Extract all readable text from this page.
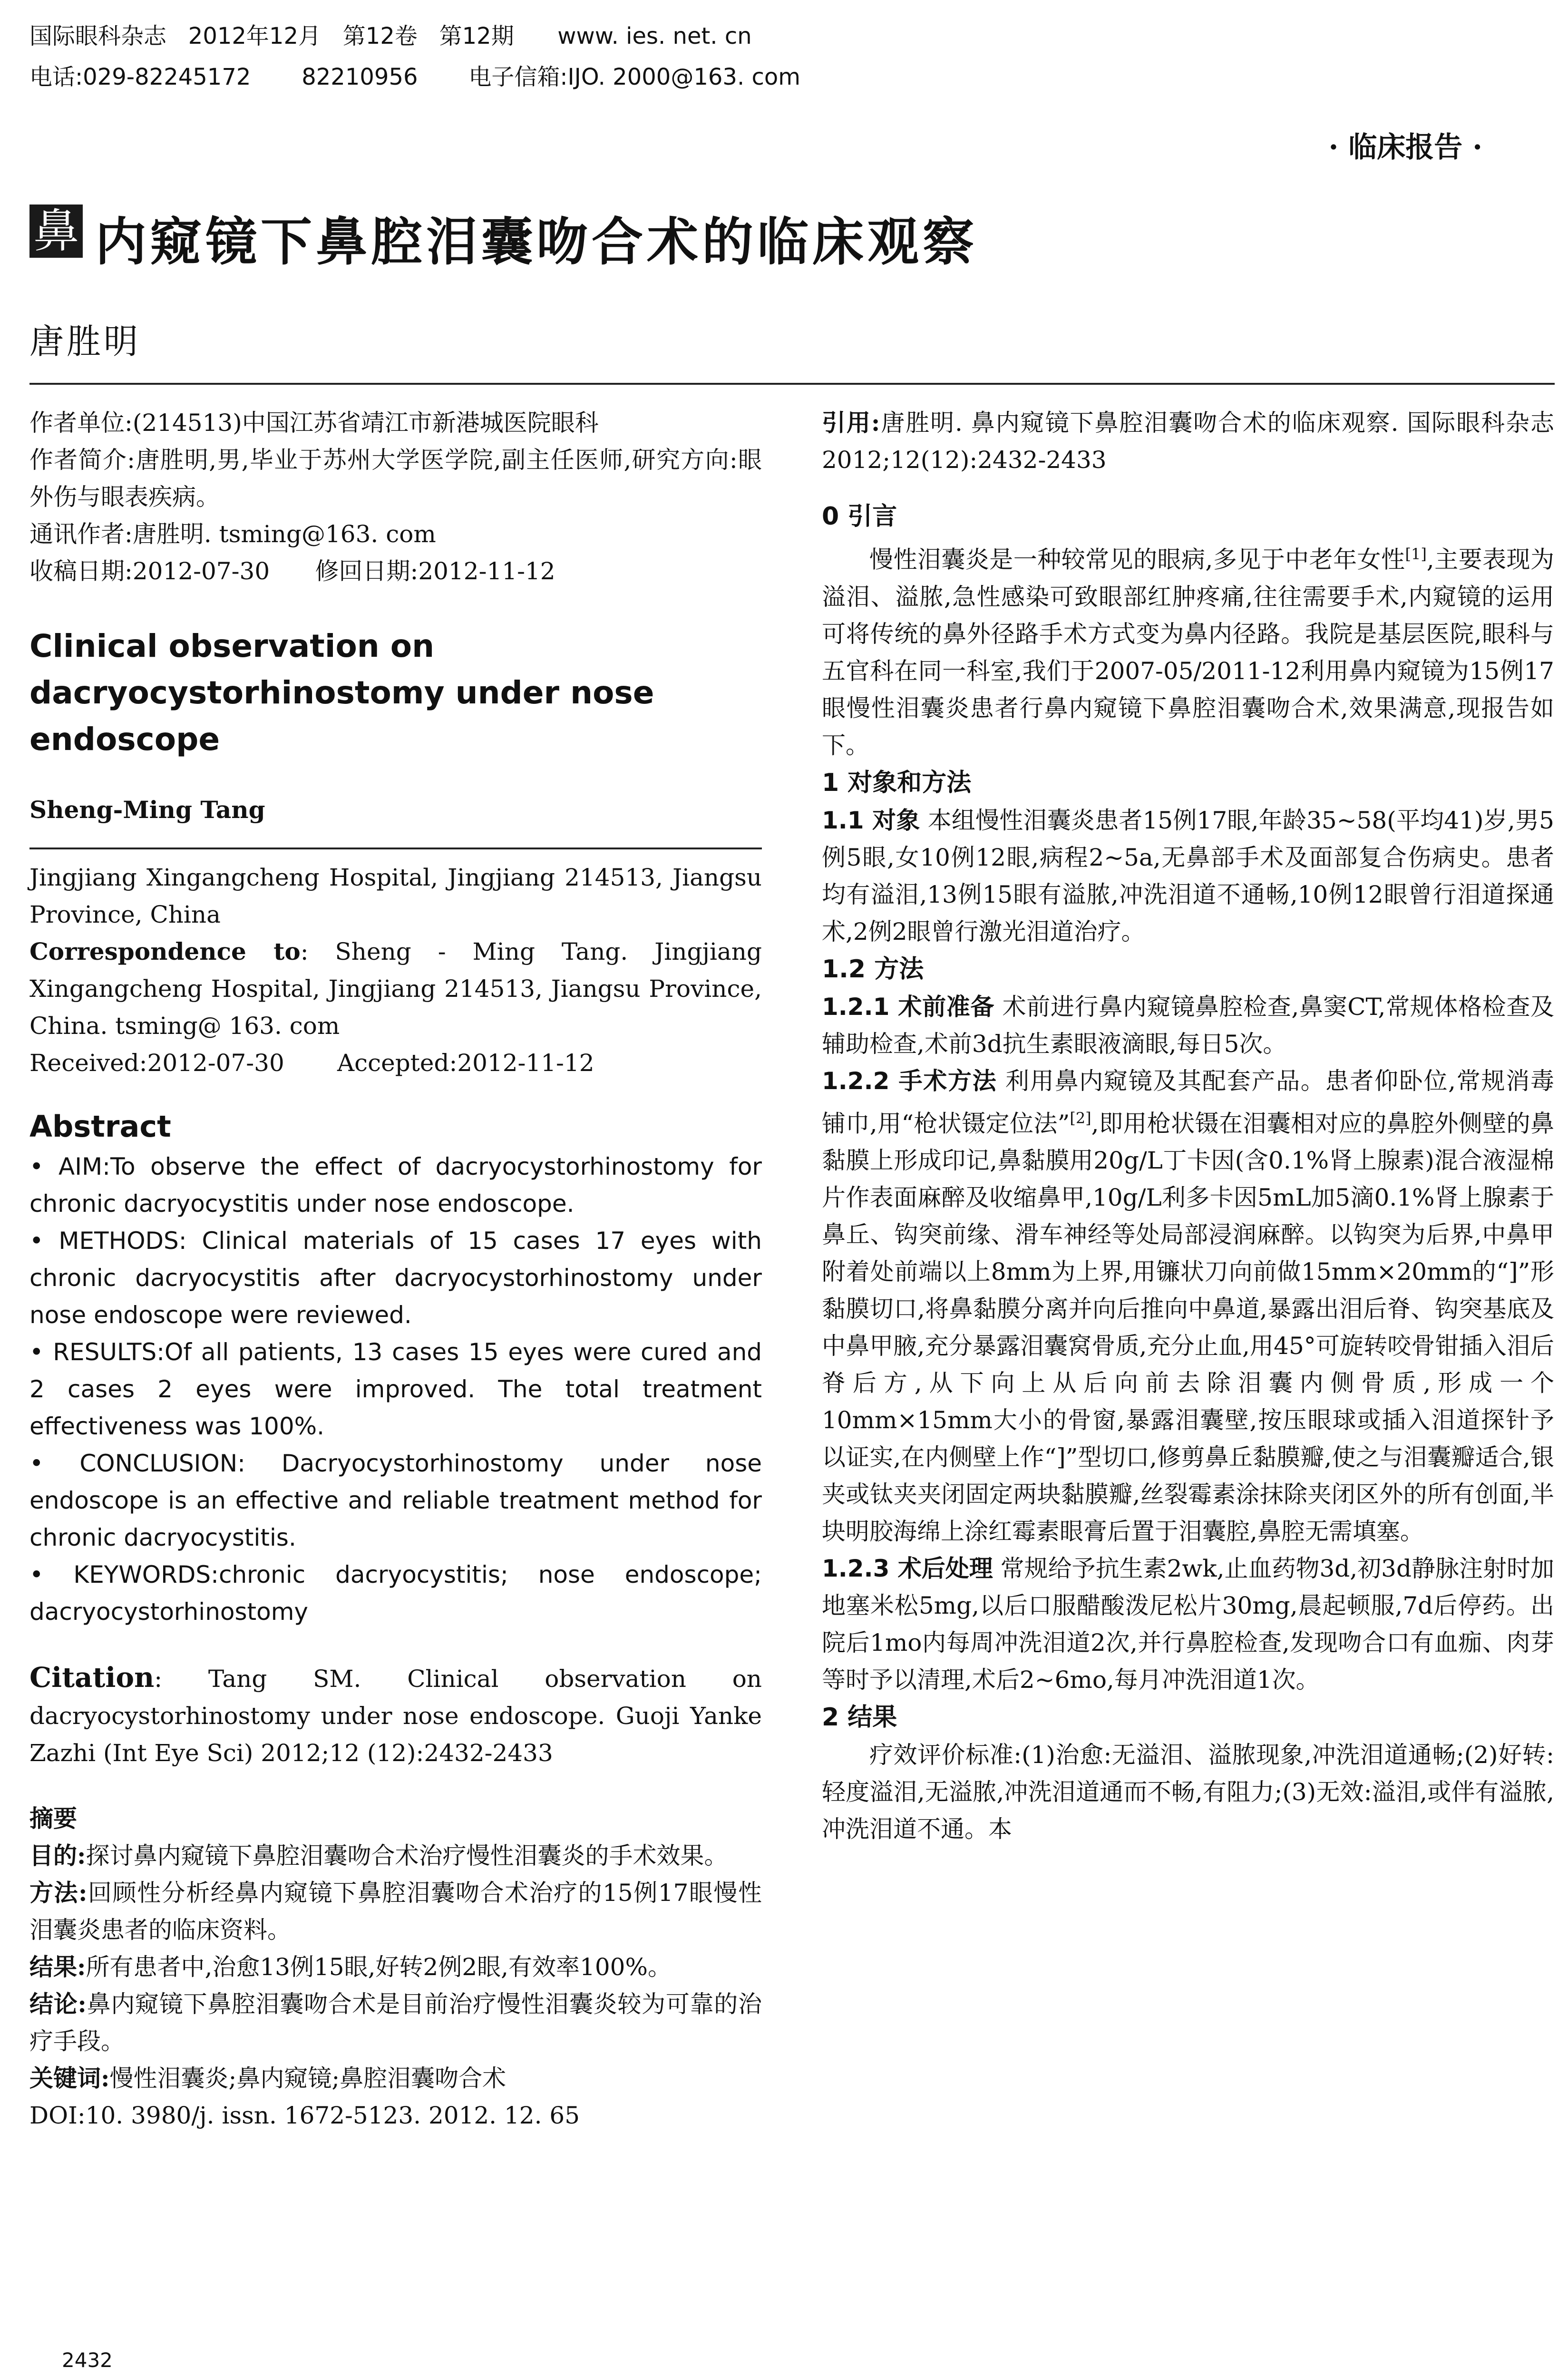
国际眼科杂志   2012年12月   第12卷   第12期      www. ies. net. cn
电话:029-82245172       82210956       电子信箱:IJO. 2000@163. com
· 临床报告 ·
鼻 内窥镜下鼻腔泪囊吻合术的临床观察
唐胜明

作者单位:(214513)中国江苏省靖江市新港城医院眼科

作者简介:唐胜明,男,毕业于苏州大学医学院,副主任医师,研究方向:眼外伤与眼表疾病。

通讯作者:唐胜明. tsming@163. com

收稿日期:2012-07-30      修回日期:2012-11-12

Clinical observation on dacryocystorhinostomy under nose endoscope

Sheng-Ming Tang

Jingjiang Xingangcheng Hospital, Jingjiang 214513, Jiangsu Province, China

Correspondence to: Sheng - Ming Tang. Jingjiang Xingangcheng Hospital, Jingjiang 214513, Jiangsu Province, China. tsming@ 163. com

Received:2012-07-30       Accepted:2012-11-12

Abstract

• AIM:To observe the effect of dacryocystorhinostomy for chronic dacryocystitis under nose endoscope.

• METHODS: Clinical materials of 15 cases 17 eyes with chronic dacryocystitis after dacryocystorhinostomy under nose endoscope were reviewed.

• RESULTS:Of all patients, 13 cases 15 eyes were cured and 2 cases 2 eyes were improved. The total treatment effectiveness was 100%.

• CONCLUSION: Dacryocystorhinostomy under nose endoscope is an effective and reliable treatment method for chronic dacryocystitis.

• KEYWORDS:chronic dacryocystitis; nose endoscope; dacryocystorhinostomy

Citation: Tang SM. Clinical observation on dacryocystorhinostomy under nose endoscope. Guoji Yanke Zazhi (Int Eye Sci) 2012;12 (12):2432-2433

摘要

目的:探讨鼻内窥镜下鼻腔泪囊吻合术治疗慢性泪囊炎的手术效果。

方法:回顾性分析经鼻内窥镜下鼻腔泪囊吻合术治疗的15例17眼慢性泪囊炎患者的临床资料。

结果:所有患者中,治愈13例15眼,好转2例2眼,有效率100%。

结论:鼻内窥镜下鼻腔泪囊吻合术是目前治疗慢性泪囊炎较为可靠的治疗手段。

关键词:慢性泪囊炎;鼻内窥镜;鼻腔泪囊吻合术

DOI:10. 3980/j. issn. 1672-5123. 2012. 12. 65

引用:唐胜明. 鼻内窥镜下鼻腔泪囊吻合术的临床观察. 国际眼科杂志 2012;12(12):2432-2433

0 引言

慢性泪囊炎是一种较常见的眼病,多见于中老年女性[1],主要表现为溢泪、溢脓,急性感染可致眼部红肿疼痛,往往需要手术,内窥镜的运用可将传统的鼻外径路手术方式变为鼻内径路。我院是基层医院,眼科与五官科在同一科室,我们于2007-05/2011-12利用鼻内窥镜为15例17眼慢性泪囊炎患者行鼻内窥镜下鼻腔泪囊吻合术,效果满意,现报告如下。

1 对象和方法

1.1 对象 本组慢性泪囊炎患者15例17眼,年龄35~58(平均41)岁,男5例5眼,女10例12眼,病程2~5a,无鼻部手术及面部复合伤病史。患者均有溢泪,13例15眼有溢脓,冲洗泪道不通畅,10例12眼曾行泪道探通术,2例2眼曾行激光泪道治疗。

1.2 方法

1.2.1 术前准备 术前进行鼻内窥镜鼻腔检查,鼻窦CT,常规体格检查及辅助检查,术前3d抗生素眼液滴眼,每日5次。

1.2.2 手术方法 利用鼻内窥镜及其配套产品。患者仰卧位,常规消毒铺巾,用“枪状镊定位法”[2],即用枪状镊在泪囊相对应的鼻腔外侧壁的鼻黏膜上形成印记,鼻黏膜用20g/L丁卡因(含0.1%肾上腺素)混合液湿棉片作表面麻醉及收缩鼻甲,10g/L利多卡因5mL加5滴0.1%肾上腺素于鼻丘、钩突前缘、滑车神经等处局部浸润麻醉。以钩突为后界,中鼻甲附着处前端以上8mm为上界,用镰状刀向前做15mm×20mm的“]”形黏膜切口,将鼻黏膜分离并向后推向中鼻道,暴露出泪后脊、钩突基底及中鼻甲腋,充分暴露泪囊窝骨质,充分止血,用45°可旋转咬骨钳插入泪后脊后方,从下向上从后向前去除泪囊内侧骨质,形成一个10mm×15mm大小的骨窗,暴露泪囊壁,按压眼球或插入泪道探针予以证实,在内侧壁上作“]”型切口,修剪鼻丘黏膜瓣,使之与泪囊瓣适合,银夹或钛夹夹闭固定两块黏膜瓣,丝裂霉素涂抹除夹闭区外的所有创面,半块明胶海绵上涂红霉素眼膏后置于泪囊腔,鼻腔无需填塞。

1.2.3 术后处理 常规给予抗生素2wk,止血药物3d,初3d静脉注射时加地塞米松5mg,以后口服醋酸泼尼松片30mg,晨起顿服,7d后停药。出院后1mo内每周冲洗泪道2次,并行鼻腔检查,发现吻合口有血痂、肉芽等时予以清理,术后2~6mo,每月冲洗泪道1次。

2 结果

疗效评价标准:(1)治愈:无溢泪、溢脓现象,冲洗泪道通畅;(2)好转:轻度溢泪,无溢脓,冲洗泪道通而不畅,有阻力;(3)无效:溢泪,或伴有溢脓,冲洗泪道不通。本

2432
